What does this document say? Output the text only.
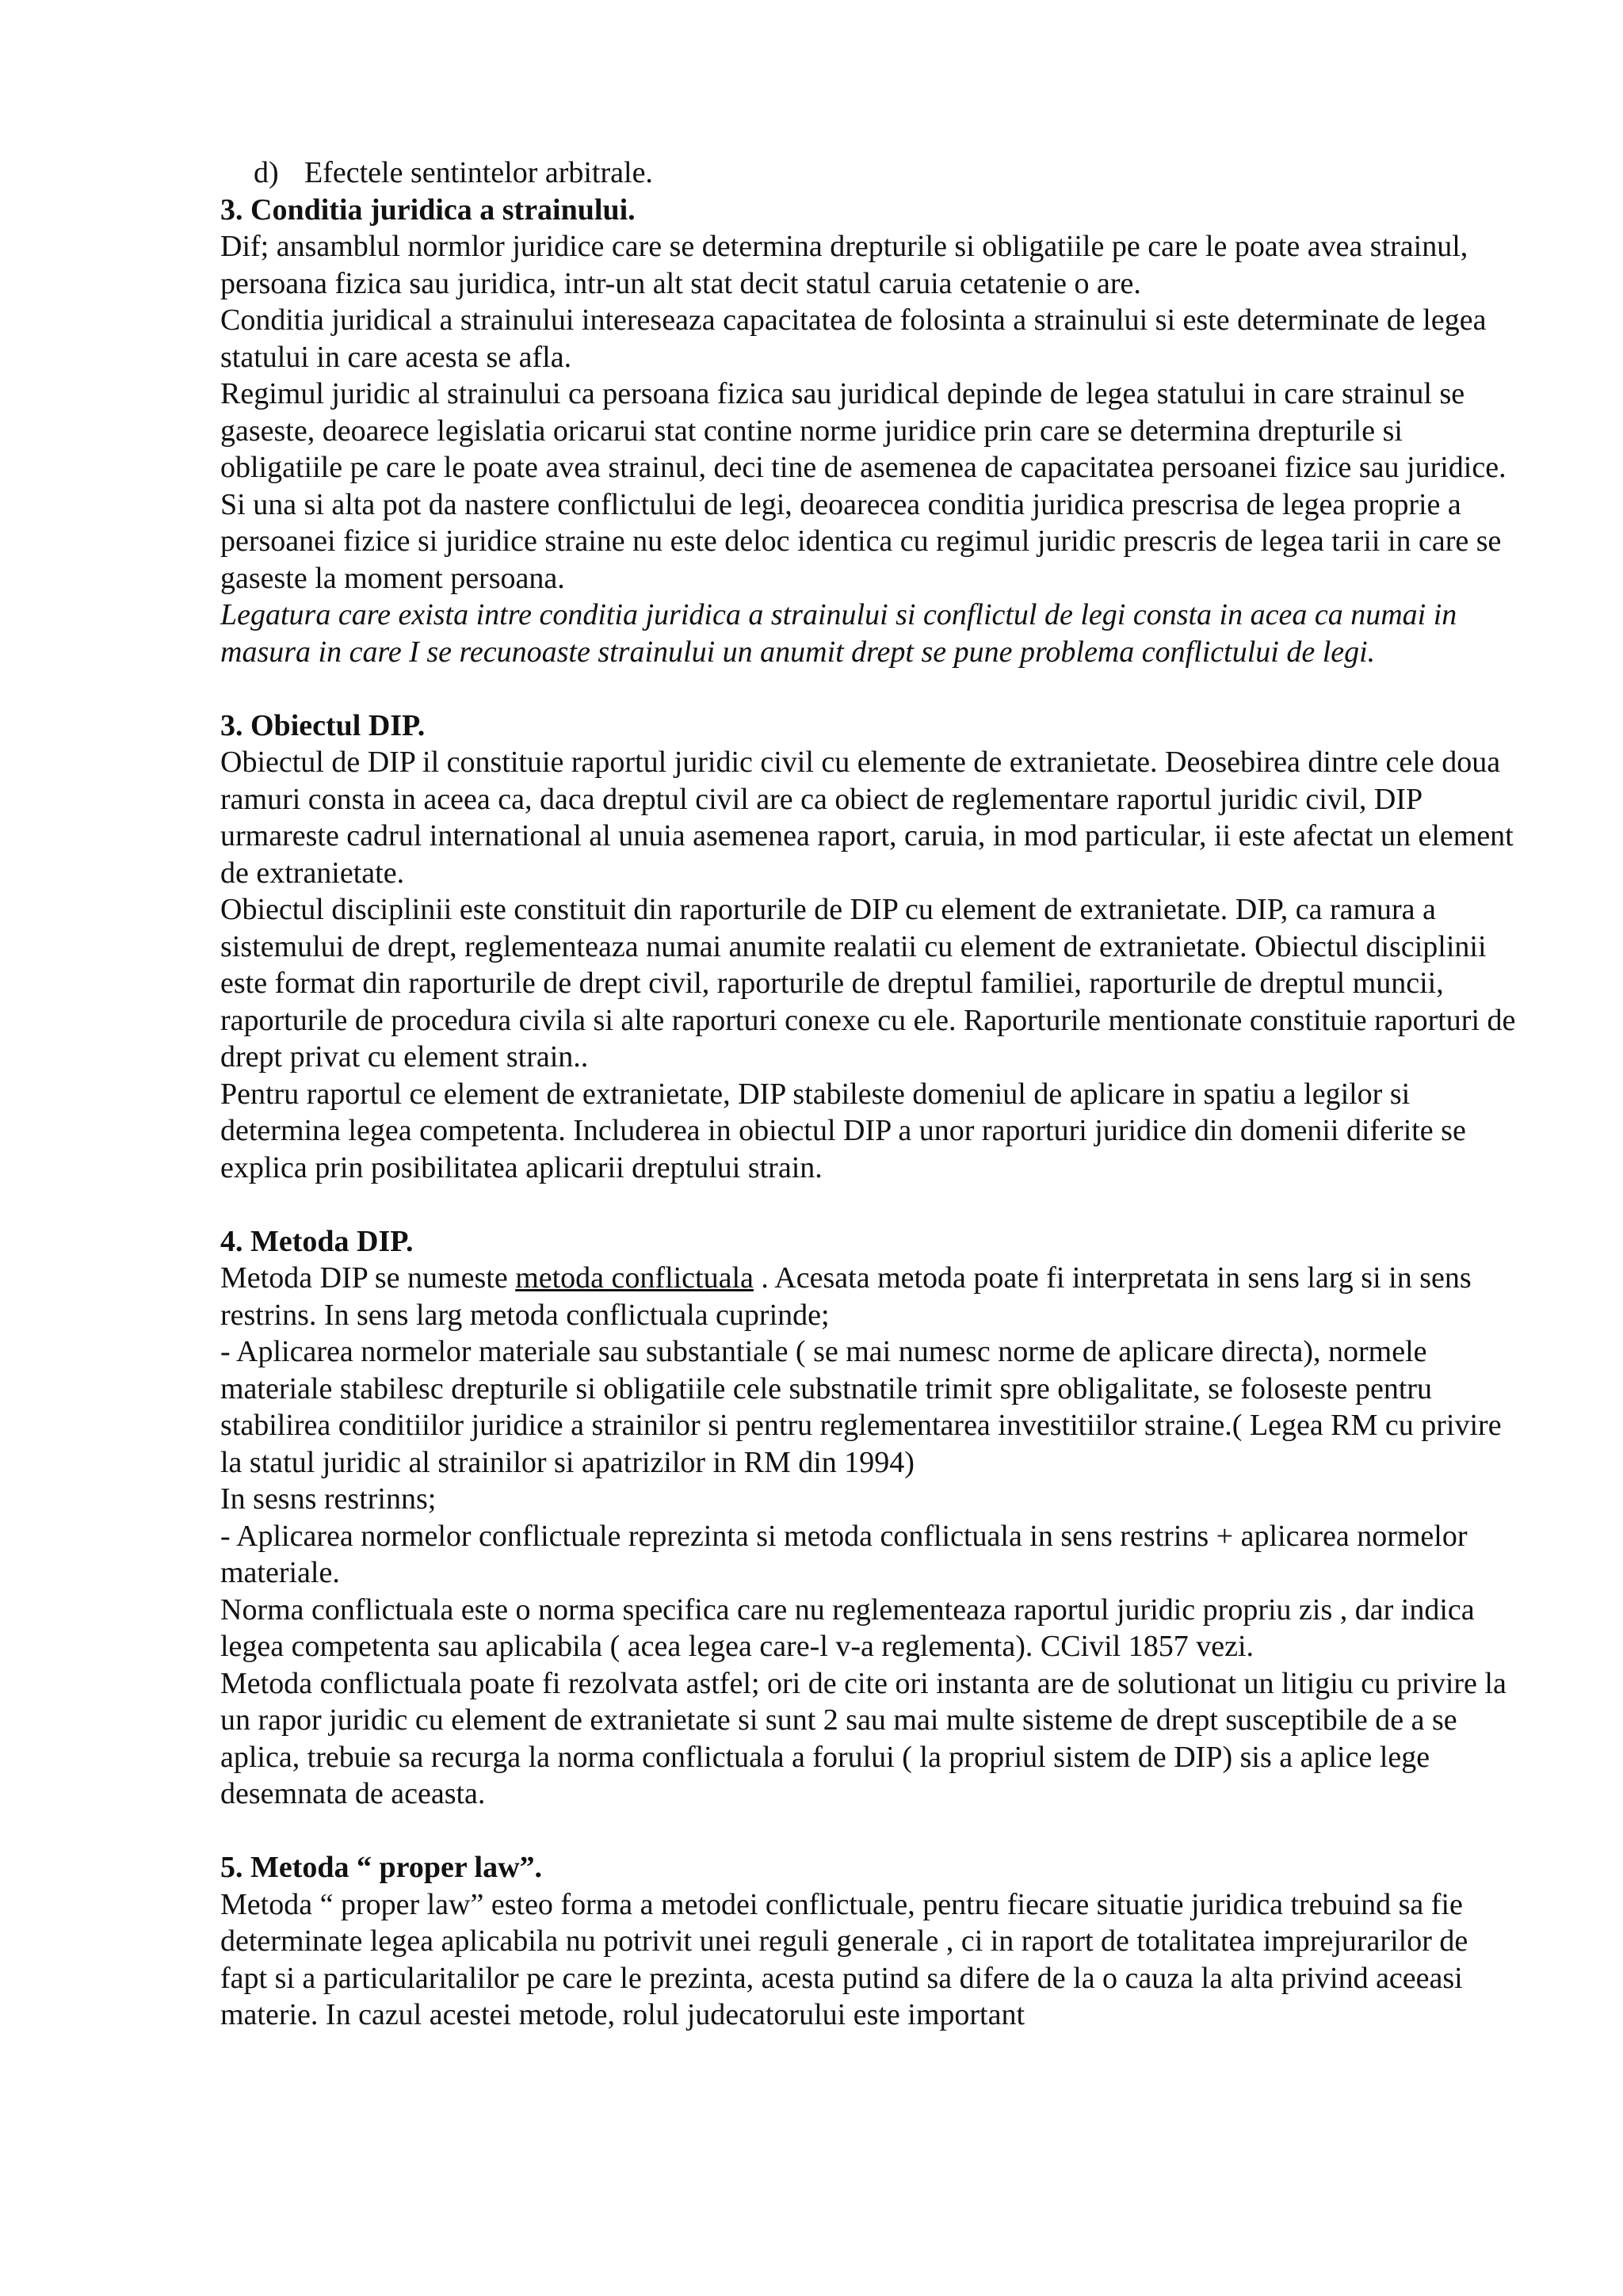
d) Efectele sentintelor arbitrale.

3. Conditia juridica a strainului.

Dif; ansamblul normlor juridice care se determina drepturile si obligatiile pe care le poate avea strainul, persoana fizica sau juridica, intr-un alt stat decit statul caruia cetatenie o are.

Conditia juridical a strainului intereseaza capacitatea de folosinta a strainului si este determinate de legea statului in care acesta se afla.

Regimul juridic al strainului ca persoana fizica sau juridical depinde de legea statului in care strainul se gaseste, deoarece legislatia oricarui stat contine norme juridice prin care se determina drepturile si obligatiile pe care le poate avea strainul, deci tine de asemenea de capacitatea persoanei fizice sau juridice. Si una si alta pot da nastere conflictului de legi, deoarecea conditia juridica prescrisa de legea proprie a persoanei fizice si juridice straine nu este deloc identica cu regimul juridic prescris de legea tarii in care se gaseste la moment persoana.

Legatura care exista intre conditia juridica a strainului si conflictul de legi consta in acea ca numai in masura in care I se recunoaste strainului un anumit drept se pune problema conflictului de legi.

3. Obiectul DIP.

Obiectul de DIP il constituie raportul juridic civil cu elemente de extranietate. Deosebirea dintre cele doua ramuri consta in aceea ca, daca dreptul civil are ca obiect de reglementare raportul juridic civil, DIP urmareste cadrul international al unuia asemenea raport, caruia, in mod particular, ii este afectat un element de extranietate.

Obiectul disciplinii este constituit din raporturile de DIP cu element de extranietate. DIP, ca ramura a sistemului de drept, reglementeaza numai anumite realatii cu element de extranietate. Obiectul disciplinii este format din raporturile de drept civil, raporturile de dreptul familiei, raporturile de dreptul muncii, raporturile de procedura civila si alte raporturi conexe cu ele. Raporturile mentionate constituie raporturi de drept privat cu element strain..

Pentru raportul ce element de extranietate, DIP stabileste domeniul de aplicare in spatiu a legilor si determina legea competenta. Includerea in obiectul DIP a unor raporturi juridice din domenii diferite se explica prin posibilitatea aplicarii dreptului strain.

4. Metoda DIP.

Metoda DIP se numeste metoda conflictuala . Acesata metoda poate fi interpretata in sens larg si in sens restrins. In sens larg metoda conflictuala cuprinde;

- Aplicarea normelor materiale sau substantiale ( se mai numesc norme de aplicare directa), normele materiale stabilesc drepturile si obligatiile cele substnatile trimit spre obligalitate, se foloseste pentru stabilirea conditiilor juridice a strainilor si pentru reglementarea investitiilor straine.( Legea RM cu privire la statul juridic al strainilor si apatrizilor in RM din 1994)

In sesns restrinns;

- Aplicarea normelor conflictuale reprezinta si metoda conflictuala in sens restrins + aplicarea normelor materiale.

Norma conflictuala este o norma specifica care nu reglementeaza raportul juridic propriu zis , dar indica legea competenta sau aplicabila ( acea legea care-l v-a reglementa). CCivil 1857 vezi.

Metoda conflictuala poate fi rezolvata astfel; ori de cite ori instanta are de solutionat un litigiu cu privire la un rapor juridic cu element de extranietate si sunt 2 sau mai multe sisteme de drept susceptibile de a se aplica, trebuie sa recurga la norma conflictuala a forului ( la propriul sistem de DIP) sis a aplice lege desemnata de aceasta.

5. Metoda “ proper law”.

Metoda “ proper law” esteo forma a metodei conflictuale, pentru fiecare situatie juridica trebuind sa fie determinate legea aplicabila nu potrivit unei reguli generale , ci in raport de totalitatea imprejurarilor de fapt si a particularitalilor pe care le prezinta, acesta putind sa difere de la o cauza la alta privind aceeasi materie. In cazul acestei metode, rolul judecatorului este important
